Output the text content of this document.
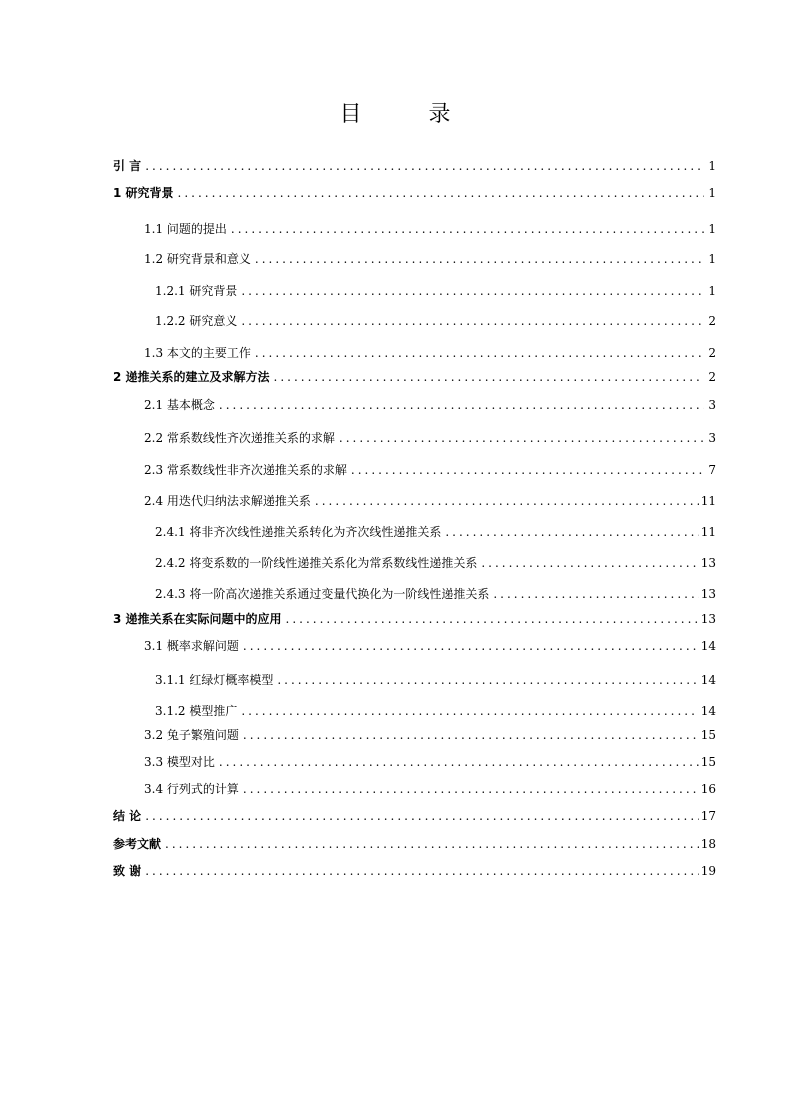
目 录
引 言 .....	1
1 研究背景 .....	1
1.1 问题的提出 .....	1
1.2 研究背景和意义 .....	1
1.2.1 研究背景 .....	1
1.2.2 研究意义 .....	2
1.3 本文的主要工作 .....	2
2 递推关系的建立及求解方法 .....	2
2.1 基本概念 .....	3
2.2 常系数线性齐次递推关系的求解 .....	3
2.3 常系数线性非齐次递推关系的求解 .....	7
2.4 用迭代归纳法求解递推关系 .....	11
2.4.1 将非齐次线性递推关系转化为齐次线性递推关系 .....	11
2.4.2 将变系数的一阶线性递推关系化为常系数线性递推关系 .....	13
2.4.3 将一阶高次递推关系通过变量代换化为一阶线性递推关系 .....	13
3 递推关系在实际问题中的应用 .....	13
3.1 概率求解问题 .....	14
3.1.1 红绿灯概率模型 .....	14
3.1.2 模型推广 .....	14
3.2 兔子繁殖问题 .....	15
3.3 模型对比 .....	15
3.4 行列式的计算 .....	16
结 论 .....	17
参考文献 .....	18
致 谢 .....	19
